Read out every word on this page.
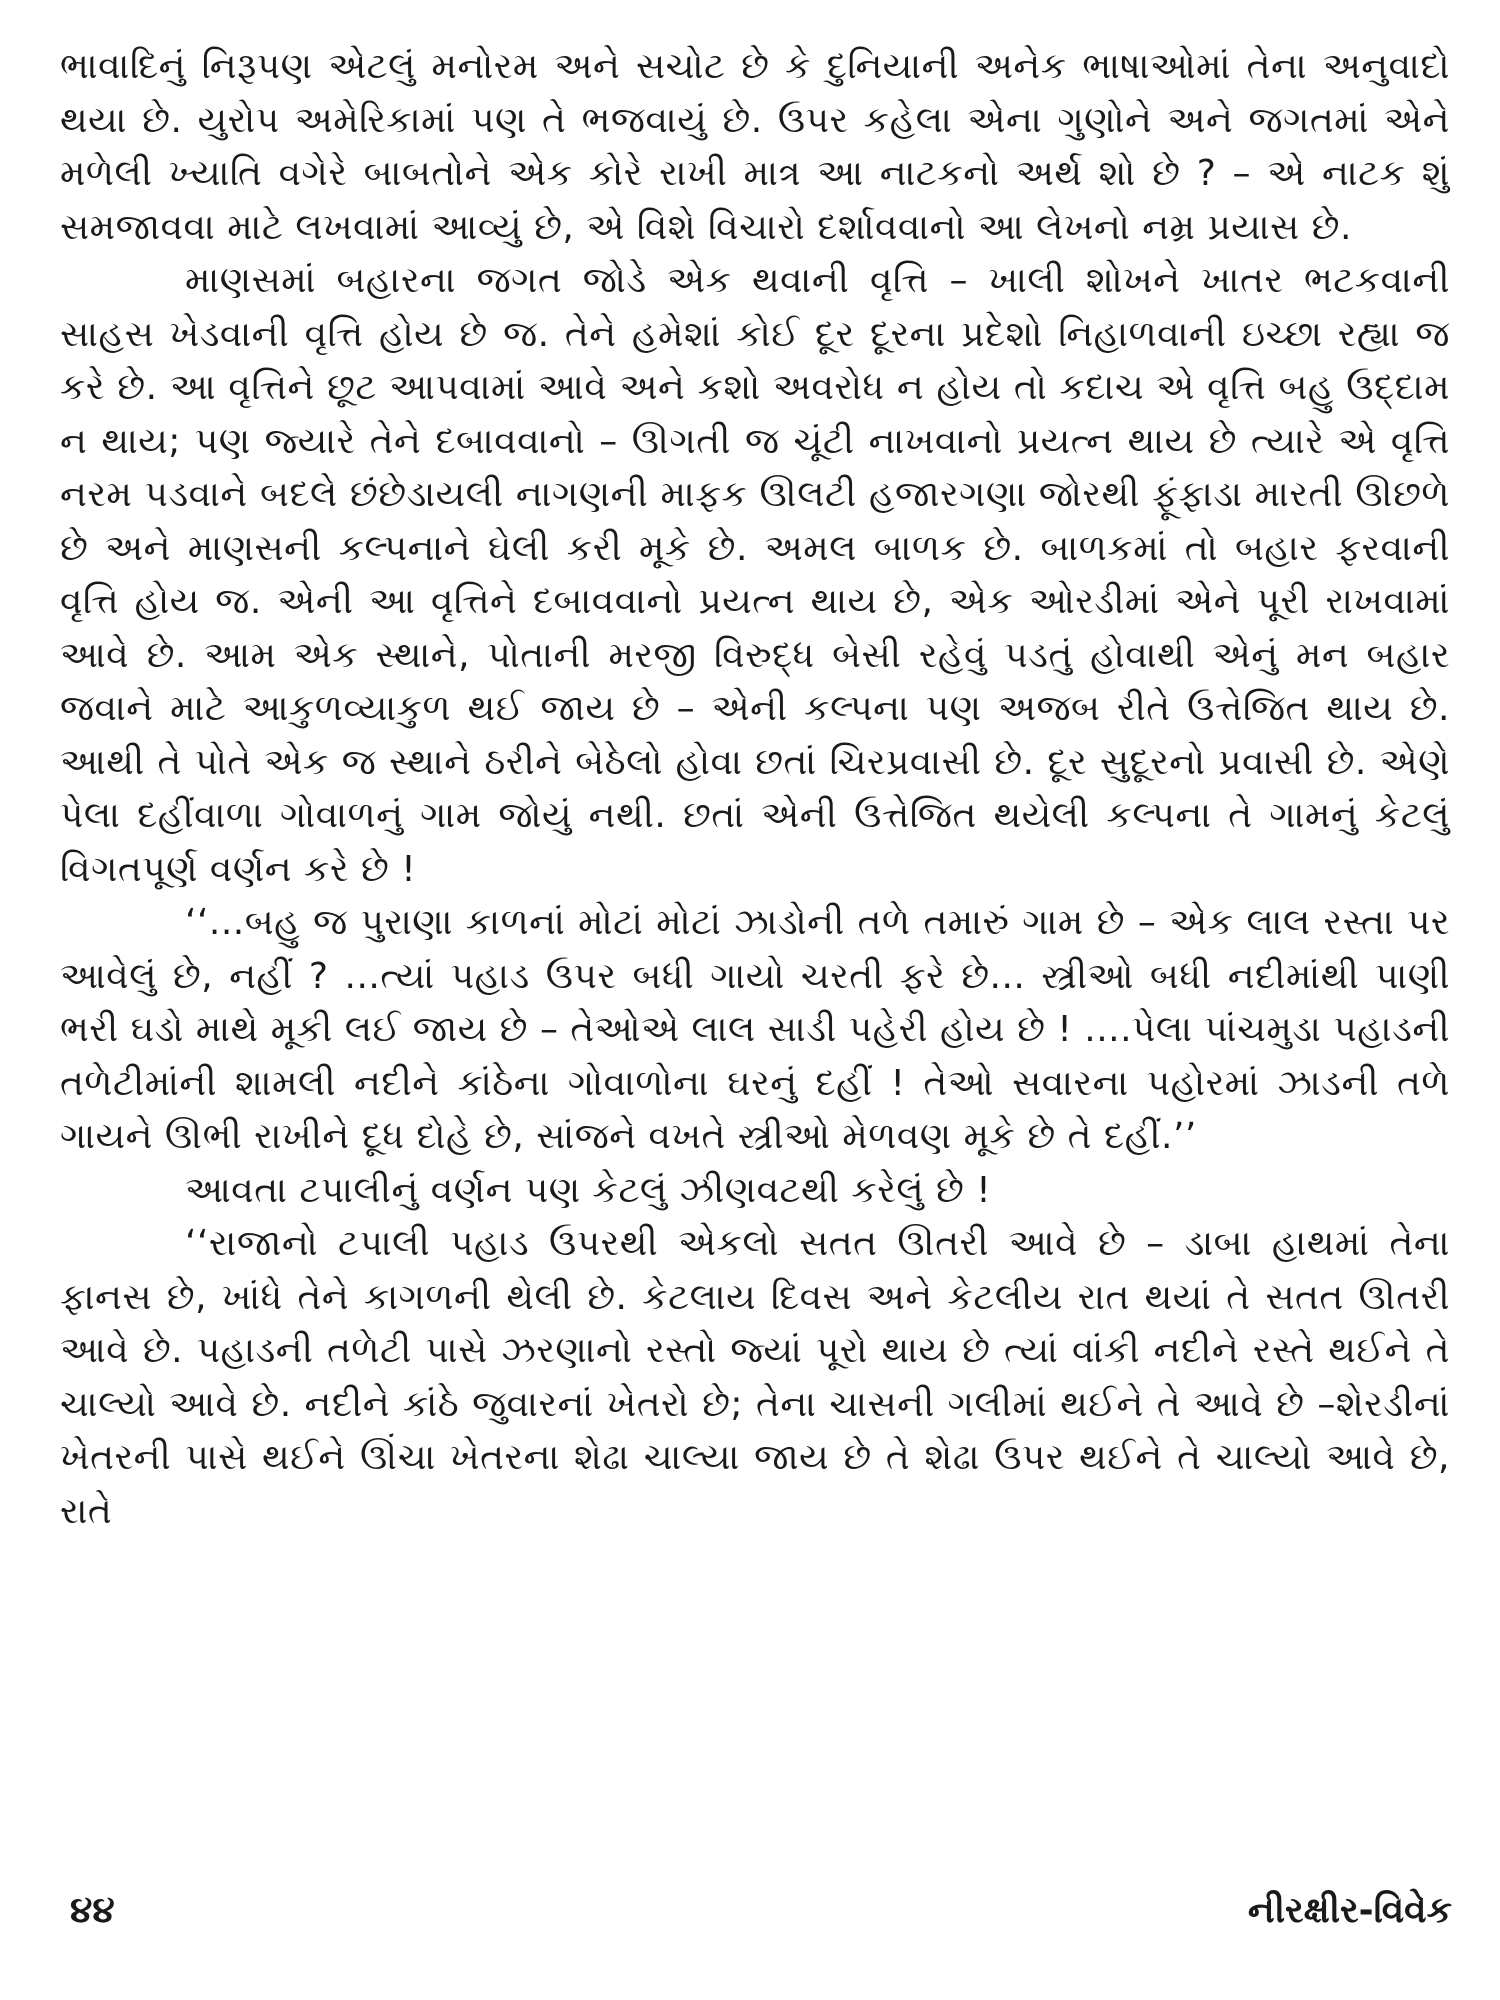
ભાવાદિનું નિરૂપણ એટલું મનોરમ અને સચોટ છે કે દુનિયાની અનેક ભાષાઓમાં તેના અનુવાદો થયા છે. યુરોપ અમેરિકામાં પણ તે ભજવાયું છે. ઉપર કહેલા એના ગુણોને અને જગતમાં એને મળેલી ખ્યાતિ વગેરે બાબતોને એક કોરે રાખી માત્ર આ નાટકનો અર્થ શો છે ? – એ નાટક શું સમજાવવા માટે લખવામાં આવ્યું છે, એ વિશે વિચારો દર્શાવવાનો આ લેખનો નમ્ર પ્રયાસ છે.

માણસમાં બહારના જગત જોડે એક થવાની વૃત્તિ – ખાલી શોખને ખાતર ભટકવાની સાહસ ખેડવાની વૃત્તિ હોય છે જ. તેને હમેશાં કોઈ દૂર દૂરના પ્રદેશો નિહાળવાની ઇચ્છા રહ્યા જ કરે છે. આ વૃત્તિને છૂટ આપવામાં આવે અને કશો અવરોધ ન હોય તો કદાચ એ વૃત્તિ બહુ ઉદ્દામ ન થાય; પણ જ્યારે તેને દબાવવાનો – ઊગતી જ ચૂંટી નાખવાનો પ્રયત્ન થાય છે ત્યારે એ વૃત્તિ નરમ પડવાને બદલે છંછેડાયલી નાગણની માફક ઊલટી હજારગણા જોરથી ફૂંફાડા મારતી ઊછળે છે અને માણસની કલ્પનાને ઘેલી કરી મૂકે છે. અમલ બાળક છે. બાળકમાં તો બહાર ફરવાની વૃત્તિ હોય જ. એની આ વૃત્તિને દબાવવાનો પ્રયત્ન થાય છે, એક ઓરડીમાં એને પૂરી રાખવામાં આવે છે. આમ એક સ્થાને, પોતાની મરજી વિરુદ્ધ બેસી રહેવું પડતું હોવાથી એનું મન બહાર જવાને માટે આકુળવ્યાકુળ થઈ જાય છે – એની કલ્પના પણ અજબ રીતે ઉત્તેજિત થાય છે. આથી તે પોતે એક જ સ્થાને ઠરીને બેઠેલો હોવા છતાં ચિરપ્રવાસી છે. દૂર સુદૂરનો પ્રવાસી છે. એણે પેલા દહીંવાળા ગોવાળનું ગામ જોયું નથી. છતાં એની ઉત્તેજિત થયેલી કલ્પના તે ગામનું કેટલું વિગતપૂર્ણ વર્ણન કરે છે !

‘‘...બહુ જ પુરાણા કાળનાં મોટાં મોટાં ઝાડોની તળે તમારું ગામ છે – એક લાલ રસ્તા પર આવેલું છે, નહીં ? ...ત્યાં પહાડ ઉપર બધી ગાયો ચરતી ફરે છે... સ્ત્રીઓ બધી નદીમાંથી પાણી ભરી ઘડો માથે મૂકી લઈ જાય છે – તેઓએ લાલ સાડી પહેરી હોય છે ! ....પેલા પાંચમુડા પહાડની તળેટીમાંની શામલી નદીને કાંઠેના ગોવાળોના ઘરનું દહીં ! તેઓ સવારના પહોરમાં ઝાડની તળે ગાયને ઊભી રાખીને દૂધ દોહે છે, સાંજને વખતે સ્ત્રીઓ મેળવણ મૂકે છે તે દહીં.’’

આવતા ટપાલીનું વર્ણન પણ કેટલું ઝીણવટથી કરેલું છે !

‘‘રાજાનો ટપાલી પહાડ ઉપરથી એકલો સતત ઊતરી આવે છે – ડાબા હાથમાં તેના ફાનસ છે, ખાંધે તેને કાગળની થેલી છે. કેટલાય દિવસ અને કેટલીય રાત થયાં તે સતત ઊતરી આવે છે. પહાડની તળેટી પાસે ઝરણાનો રસ્તો જ્યાં પૂરો થાય છે ત્યાં વાંકી નદીને રસ્તે થઈને તે ચાલ્યો આવે છે. નદીને કાંઠે જુવારનાં ખેતરો છે; તેના ચાસની ગલીમાં થઈને તે આવે છે –શેરડીનાં ખેતરની પાસે થઈને ઊંચા ખેતરના શેઢા ચાલ્યા જાય છે તે શેઢા ઉપર થઈને તે ચાલ્યો આવે છે, રાતે

૪૪	નીરક્ષીર-વિવેક
